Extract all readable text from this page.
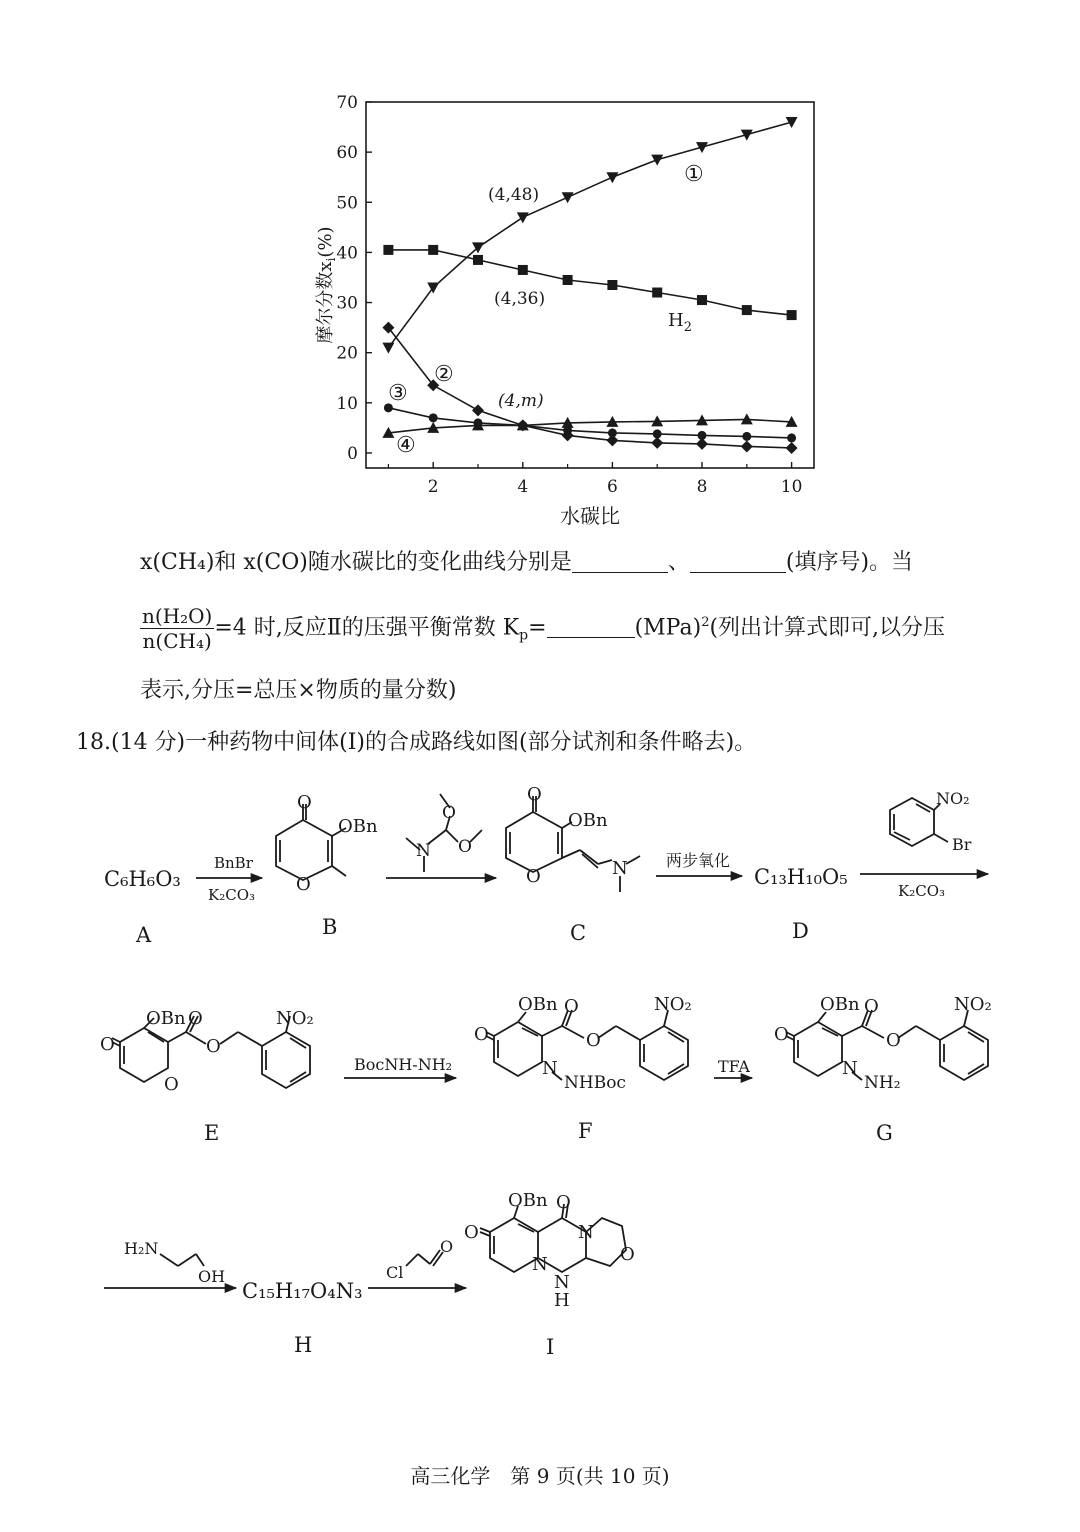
0
10
20
30
40
50
60
70
2	4	6	8	10
(4,48)
(4,36)
(4,m)
①
$H_2$
②
③
④
水碳比
摩尔分数$x_i(\%)$
x(CH₄)和 x(CO)随水碳比的变化曲线分别是	、	(填序号)。当
$\frac{\text{n(H₂O)}}{\text{n(CH₄)}} =4$ 时,反应Ⅱ的压强平衡常数 $K_p=$	(MPa)$^2$(列出计算式即可,以分压
表示,分压=总压×物质的量分数)
18.(14 分)一种药物中间体(Ⅰ)的合成路线如图(部分试剂和条件略去)。
C₆H₆O₃
BnBr
K₂CO₃
O
OBn
O
O
O
N
O
OBn
O	N 两步氧化
C₁₃H₁₀O₅
NO₂
Br
K₂CO₃
A	B	C	D
OBn O
O
O
O
NO₂
BocNH-NH₂
OBn O
O
N
NHBoc
O
NO₂
TFA
OBn O
O
N
NH₂
O
NO₂
E	F	G
H₂N
OH
C₁₅H₁₇O₄N₃
Cl
O
OBn O
O
N
N
O
N
H
H	I
高三化学　第 9 页(共 10 页)
